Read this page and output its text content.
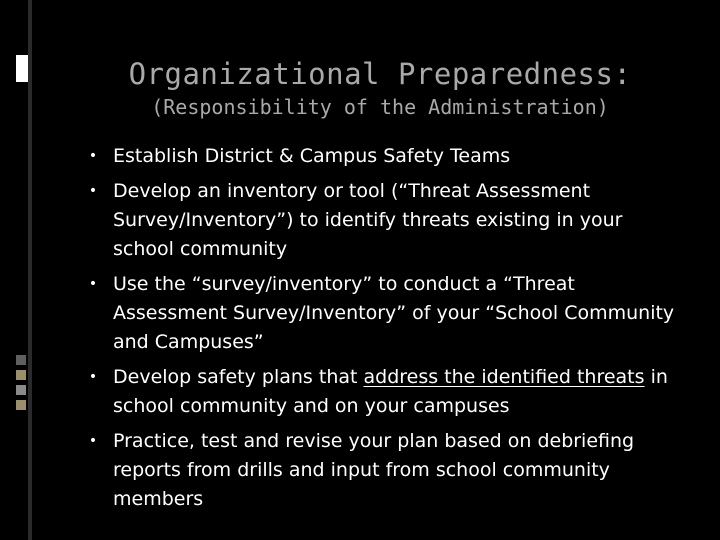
Organizational Preparedness:
(Responsibility of the Administration)
• Establish District & Campus Safety Teams
• Develop an inventory or tool (“Threat Assessment Survey/Inventory”) to identify threats existing in your school community
• Use the “survey/inventory” to conduct a “Threat Assessment Survey/Inventory” of your “School Community and Campuses”
• Develop safety plans that address the identified threats in school community and on your campuses
• Practice, test and revise your plan based on debriefing reports from drills and input from school community members
